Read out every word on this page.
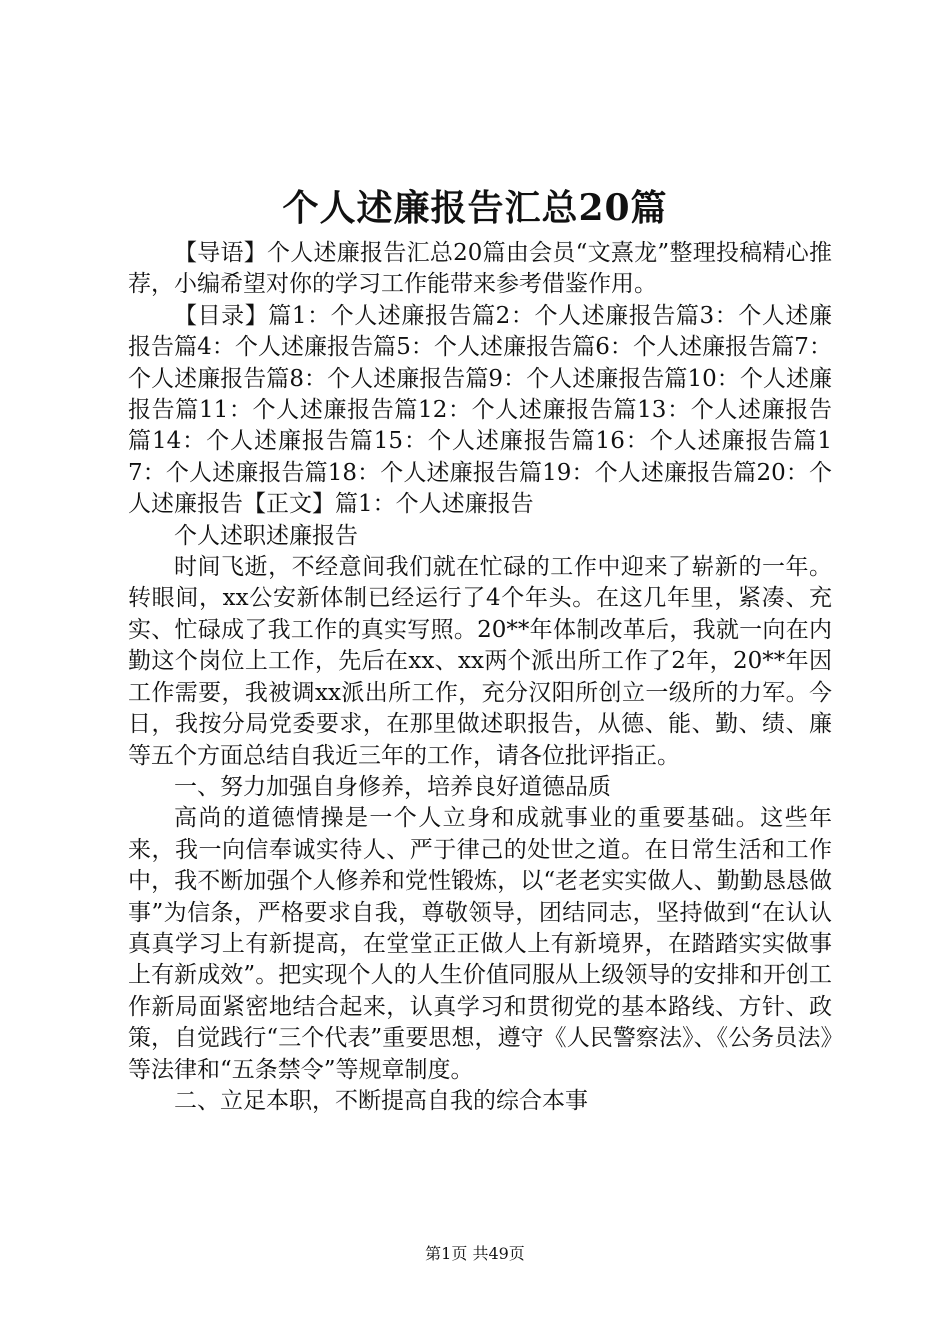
个人述廉报告汇总20篇

【导语】个人述廉报告汇总20篇由会员“文熹龙”整理投稿精心推荐，小编希望对你的学习工作能带来参考借鉴作用。

【目录】篇1：个人述廉报告篇2：个人述廉报告篇3：个人述廉报告篇4：个人述廉报告篇5：个人述廉报告篇6：个人述廉报告篇7：个人述廉报告篇8：个人述廉报告篇9：个人述廉报告篇10：个人述廉报告篇11：个人述廉报告篇12：个人述廉报告篇13：个人述廉报告篇14：个人述廉报告篇15：个人述廉报告篇16：个人述廉报告篇17：个人述廉报告篇18：个人述廉报告篇19：个人述廉报告篇20：个人述廉报告【正文】篇1：个人述廉报告

个人述职述廉报告

时间飞逝，不经意间我们就在忙碌的工作中迎来了崭新的一年。转眼间，xx公安新体制已经运行了4个年头。在这几年里，紧凑、充实、忙碌成了我工作的真实写照。20**年体制改革后，我就一向在内勤这个岗位上工作，先后在xx、xx两个派出所工作了2年，20**年因工作需要，我被调xx派出所工作，充分汉阳所创立一级所的力军。今日，我按分局党委要求，在那里做述职报告，从德、能、勤、绩、廉等五个方面总结自我近三年的工作，请各位批评指正。

一、努力加强自身修养，培养良好道德品质

高尚的道德情操是一个人立身和成就事业的重要基础。这些年来，我一向信奉诚实待人、严于律己的处世之道。在日常生活和工作中，我不断加强个人修养和党性锻炼，以“老老实实做人、勤勤恳恳做事”为信条，严格要求自我，尊敬领导，团结同志，坚持做到“在认认真真学习上有新提高，在堂堂正正做人上有新境界，在踏踏实实做事上有新成效”。把实现个人的人生价值同服从上级领导的安排和开创工作新局面紧密地结合起来，认真学习和贯彻党的基本路线、方针、政策，自觉践行“三个代表”重要思想，遵守《人民警察法》、《公务员法》等法律和“五条禁令”等规章制度。

二、立足本职，不断提高自我的综合本事

第1页 共49页
